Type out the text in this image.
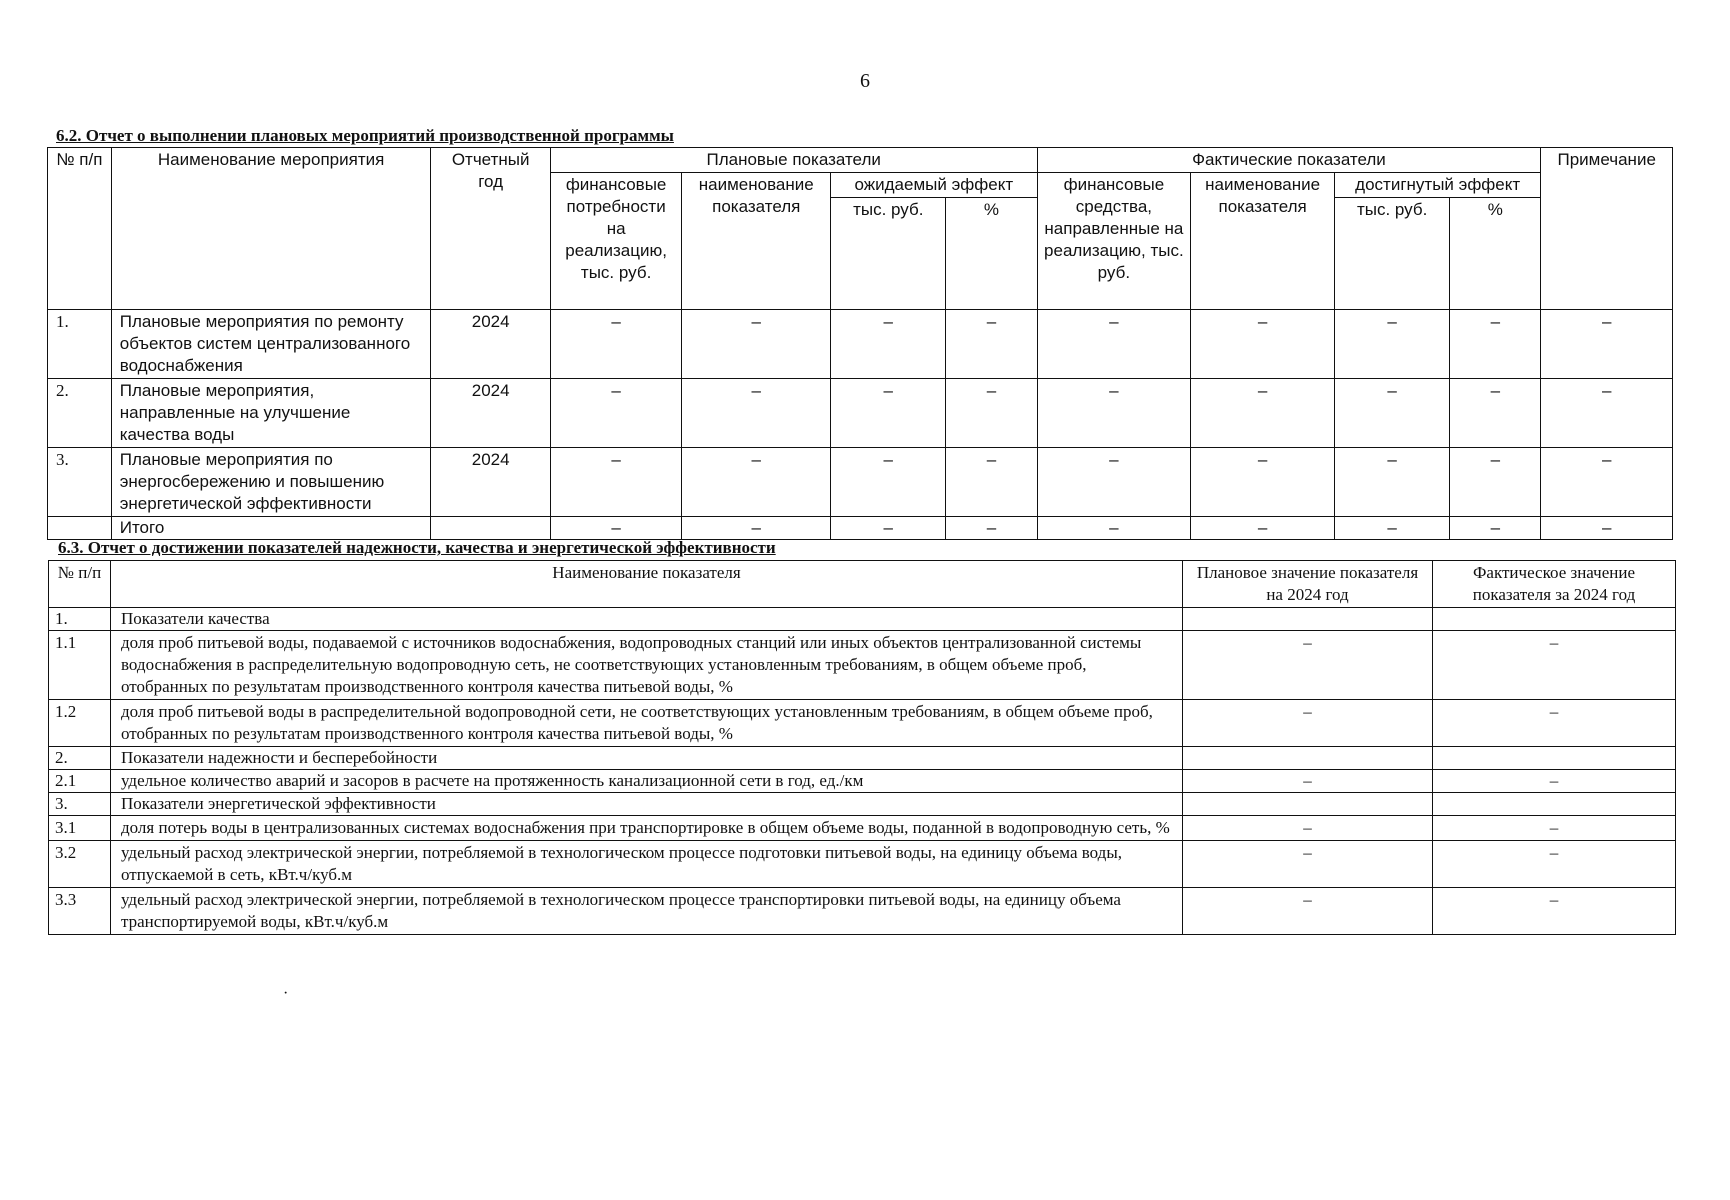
6
6.2. Отчет о выполнении плановых мероприятий производственной программы
№ п/п	Наименование мероприятия	Отчетный год	Плановые показатели				Фактические показатели				Примечание
			финансовые потребности на реализацию, тыс. руб.	наименование показателя	ожидаемый эффект		финансовые средства, направленные на реализацию, тыс. руб.	наименование показателя	достигнутый эффект		
					тыс. руб.	%			тыс. руб.	%	
1.	Плановые мероприятия по ремонту объектов систем централизованного водоснабжения	2024	–	–	–	–	–	–	–	–	–
2.	Плановые мероприятия, направленные на улучшение качества воды	2024	–	–	–	–	–	–	–	–	–
3.	Плановые мероприятия по энергосбережению и повышению энергетической эффективности	2024	–	–	–	–	–	–	–	–	–
	Итого		–	–	–	–	–	–	–	–	–
6.3. Отчет о достижении показателей надежности, качества и энергетической эффективности
№ п/п	Наименование показателя	Плановое значение показателя на 2024 год	Фактическое значение показателя за 2024 год
1.	Показатели качества		
1.1	доля проб питьевой воды, подаваемой с источников водоснабжения, водопроводных станций или иных объектов централизованной системы водоснабжения в распределительную водопроводную сеть, не соответствующих установленным требованиям, в общем объеме проб, отобранных по результатам производственного контроля качества питьевой воды, %	–	–
1.2	доля проб питьевой воды в распределительной водопроводной сети, не соответствующих установленным требованиям, в общем объеме проб, отобранных по результатам производственного контроля качества питьевой воды, %	–	–
2.	Показатели надежности и бесперебойности		
2.1	удельное количество аварий и засоров в расчете на протяженность канализационной сети в год, ед./км	–	–
3.	Показатели энергетической эффективности		
3.1	доля потерь воды в централизованных системах водоснабжения при транспортировке в общем объеме воды, поданной в водопроводную сеть, %	–	–
3.2	удельный расход электрической энергии, потребляемой в технологическом процессе подготовки питьевой воды, на единицу объема воды, отпускаемой в сеть, кВт.ч/куб.м	–	–
3.3	удельный расход электрической энергии, потребляемой в технологическом процессе транспортировки питьевой воды, на единицу объема транспортируемой воды, кВт.ч/куб.м	–	–
·
